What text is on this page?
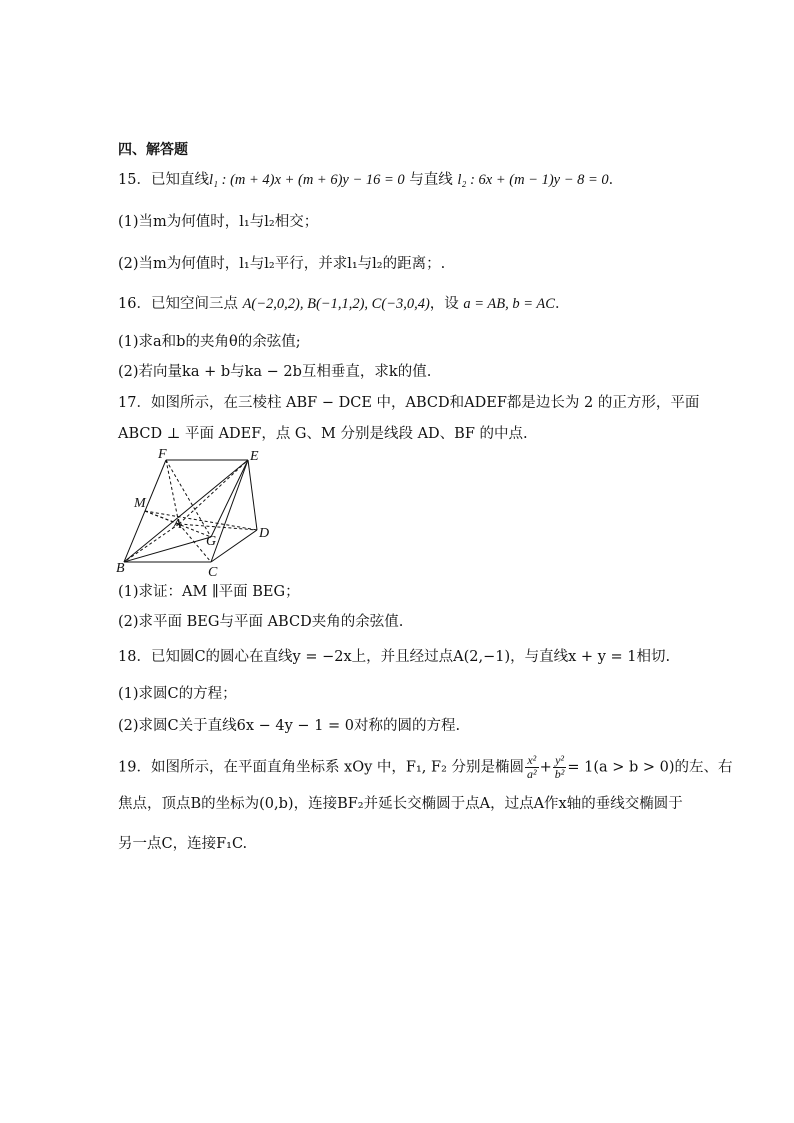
四、解答题
15．已知直线l₁ : (m + 4)x + (m + 6)y − 16 = 0 与直线 l₂ : 6x + (m − 1)y − 8 = 0．
(1)当m为何值时，l₁与l₂相交；
(2)当m为何值时，l₁与l₂平行，并求l₁与l₂的距离；.
16．已知空间三点 A(−2,0,2), B(−1,1,2), C(−3,0,4)，设 a = AB, b = AC．
(1)求a和b的夹角θ的余弦值;
(2)若向量ka + b与ka − 2b互相垂直，求k的值.
17．如图所示，在三棱柱 ABF − DCE 中，ABCD和ADEF都是边长为 2 的正方形，平面
ABCD ⊥ 平面 ADEF，点 G、M 分别是线段 AD、BF 的中点.
F	E
M
A
G
D
B	C
(1)求证：AM ∥平面 BEG；
(2)求平面 BEG与平面 ABCD夹角的余弦值.
18．已知圆C的圆心在直线y = −2x上，并且经过点A(2,−1)，与直线x + y = 1相切.
(1)求圆C的方程；
(2)求圆C关于直线6x − 4y − 1 = 0对称的圆的方程.
19．如图所示，在平面直角坐标系 xOy 中，F₁, F₂ 分别是椭圆 $\frac{\text{x²}}{\text{a²}} + \frac{\text{y²}}{\text{b²}} = 1(a > b > 0)$的左、右
焦点，顶点B的坐标为(0,b)，连接BF₂并延长交椭圆于点A，过点A作x轴的垂线交椭圆于
另一点C，连接F₁C.
